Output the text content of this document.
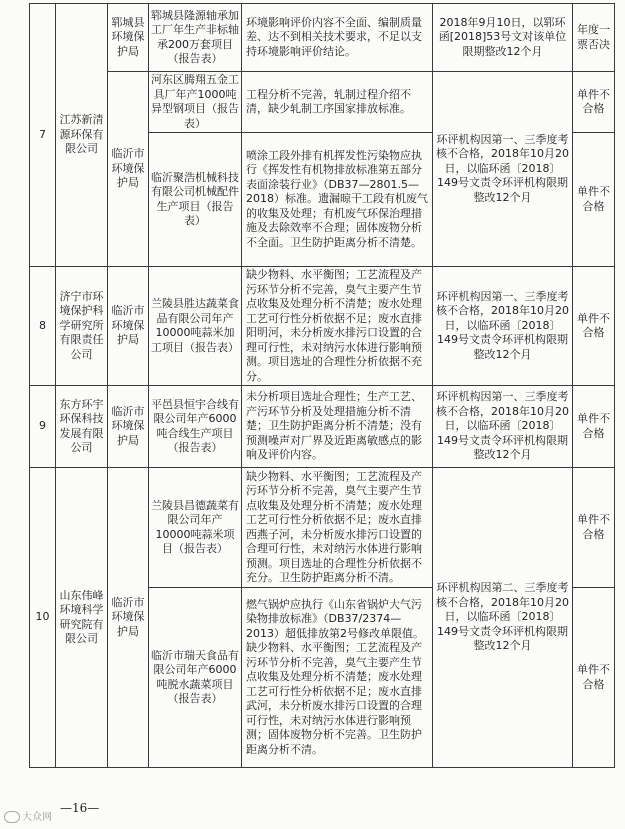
7	江苏新清源环保有限公司	郓城县环境保护局	郓城县隆源轴承加工厂年生产非标轴承200万套项目（报告表）	环境影响评价内容不全面、编制质量差、达不到相关技术要求，不足以支持环境影响评价结论。	2018年9月10日，以郓环函[2018]53号文对该单位限期整改12个月	年度一票否决
		临沂市环境保护局	河东区腾翔五金工具厂年产1000吨异型钢项目（报告表）	工程分析不完善，轧制过程介绍不清，缺少轧制工序国家排放标准。	环评机构因第一、三季度考核不合格，2018年10月20日，以临环函〔2018〕149号文责令环评机构限期整改12个月	单件不合格
			临沂聚浩机械科技有限公司机械配件生产项目（报告表）	喷涂工段外排有机挥发性污染物应执行《挥发性有机物排放标准第五部分表面涂装行业》（DB37—2801.5—2018）标准。遗漏晾干工段有机废气的收集及处理；有机废气环保治理措施及去除效率不合理；固体废物分析不全面。卫生防护距离分析不清楚。		单件不合格
8	济宁市环境保护科学研究所有限责任公司	临沂市环境保护局	兰陵县胜达蔬菜食品有限公司年产10000吨蒜米加工项目（报告表）	缺少物料、水平衡图；工艺流程及产污环节分析不完善，臭气主要产生节点收集及处理分析不清楚；废水处理工艺可行性分析依据不足；废水直排阳明河，未分析废水排污口设置的合理可行性，未对纳污水体进行影响预测。项目选址的合理性分析依据不充分。	环评机构因第一、三季度考核不合格，2018年10月20日，以临环函〔2018〕149号文责令环评机构限期整改12个月	单件不合格
9	东方环宇环保科技发展有限公司	临沂市环境保护局	平邑县恒宇合线有限公司年产6000吨合线生产项目（报告表）	未分析项目选址合理性；生产工艺、产污环节分析及处理措施分析不清楚；卫生防护距离分析不清楚；没有预测噪声对厂界及近距离敏感点的影响及评价内容。	环评机构因第一、三季度考核不合格，2018年10月20日，以临环函〔2018〕149号文责令环评机构限期整改12个月	单件不合格
10	山东伟峰环境科学研究院有限公司	临沂市环境保护局	兰陵县昌德蔬菜有限公司年产10000吨蒜米项目（报告表）	缺少物料、水平衡图；工艺流程及产污环节分析不完善，臭气主要产生节点收集及处理分析不清楚；废水处理工艺可行性分析依据不足；废水直排西燕子河，未分析废水排污口设置的合理可行性，未对纳污水体进行影响预测。项目选址的合理性分析依据不充分。卫生防护距离分析不清。	环评机构因第二、三季度考核不合格，2018年10月20日，以临环函〔2018〕149号文责令环评机构限期整改12个月	单件不合格
			临沂市瑞天食品有限公司年产6000吨脱水蔬菜项目（报告表）	燃气锅炉应执行《山东省锅炉大气污染物排放标准》（DB37/2374—2013）超低排放第2号修改单限值。缺少物料、水平衡图；工艺流程及产污环节分析不完善，臭气主要产生节点收集及处理分析不清楚；废水处理工艺可行性分析依据不足；废水直排武河，未分析废水排污口设置的合理可行性，未对纳污水体进行影响预测；固体废物分析不完善。卫生防护距离分析不清。		单件不合格
—16—
大众网
